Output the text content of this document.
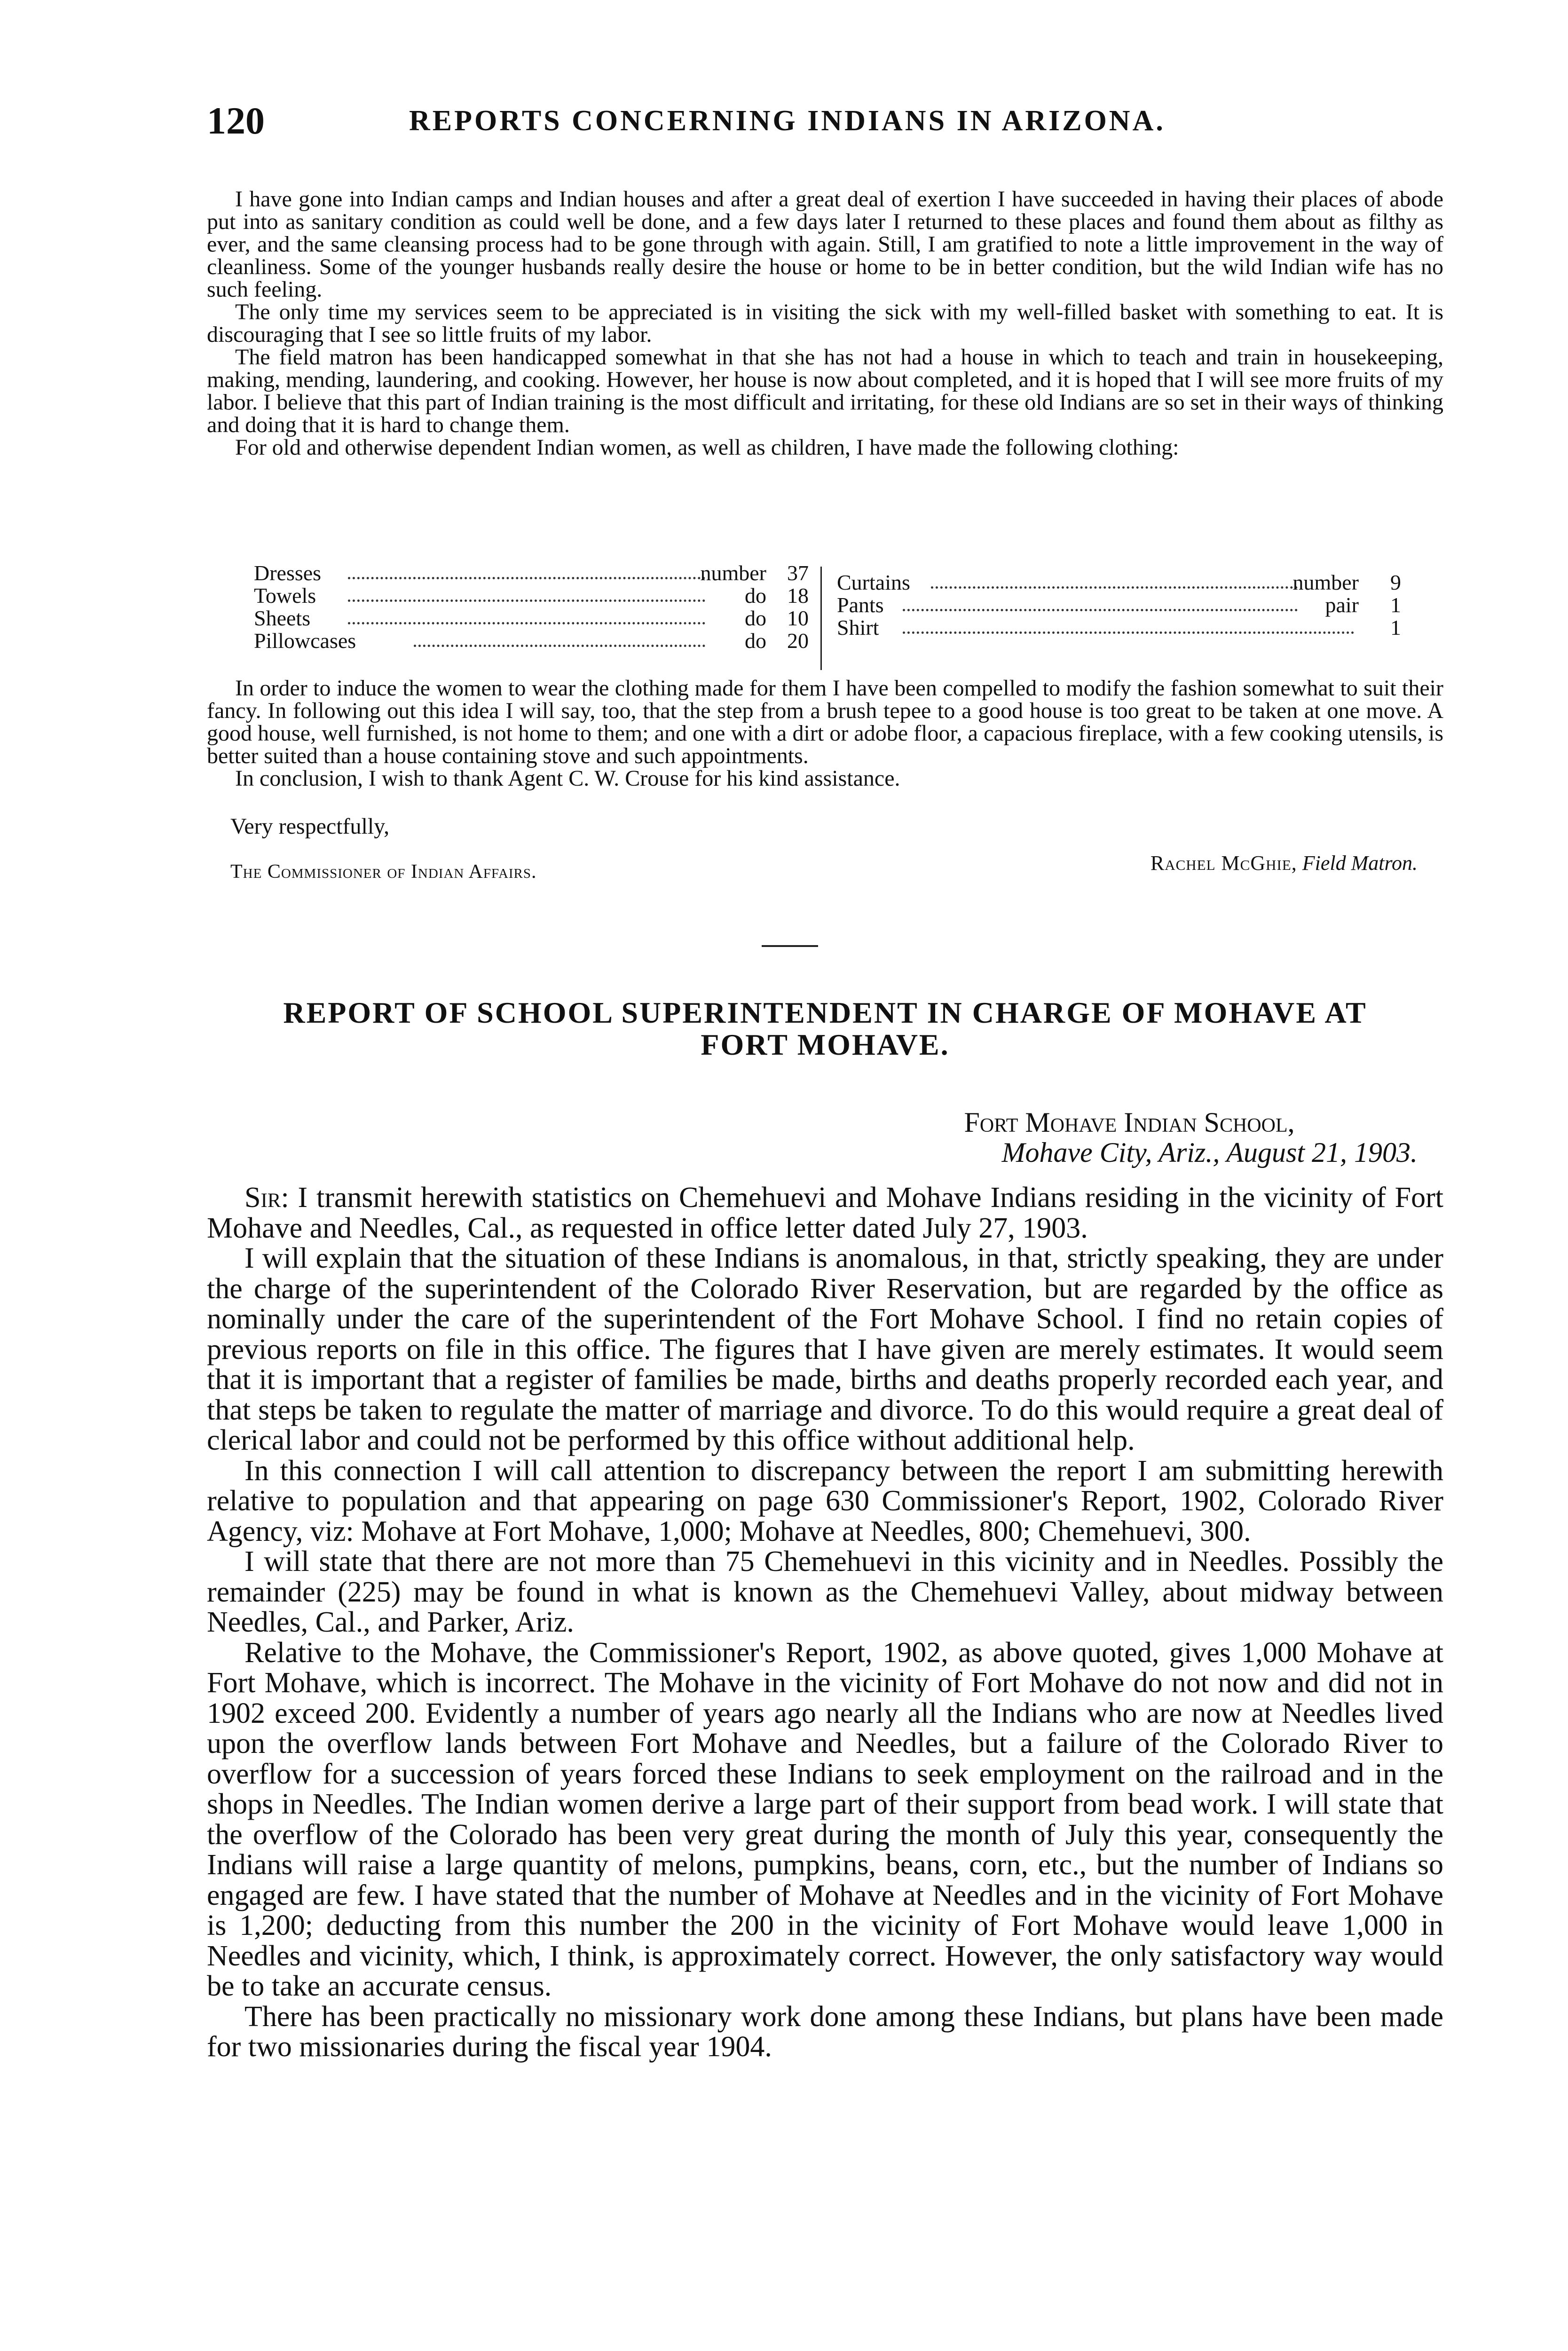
120	REPORTS CONCERNING INDIANS IN ARIZONA.

I have gone into Indian camps and Indian houses and after a great deal of exertion I have succeeded in having their places of abode put into as sanitary condition as could well be done, and a few days later I returned to these places and found them about as filthy as ever, and the same cleansing process had to be gone through with again. Still, I am gratified to note a little improvement in the way of cleanliness. Some of the younger husbands really desire the house or home to be in better condition, but the wild Indian wife has no such feeling.

The only time my services seem to be appreciated is in visiting the sick with my well-filled basket with something to eat. It is discouraging that I see so little fruits of my labor.

The field matron has been handicapped somewhat in that she has not had a house in which to teach and train in housekeeping, making, mending, laundering, and cooking. However, her house is now about completed, and it is hoped that I will see more fruits of my labor. I believe that this part of Indian training is the most difficult and irritating, for these old Indians are so set in their ways of thinking and doing that it is hard to change them.

For old and otherwise dependent Indian women, as well as children, I have made the following clothing:

Dresses	number 37
Towels	do 18
Sheets	do 10
Pillowcases	do 20
Curtains	number	9
Pants	pair	1
Shirt	1

In order to induce the women to wear the clothing made for them I have been compelled to modify the fashion somewhat to suit their fancy. In following out this idea I will say, too, that the step from a brush tepee to a good house is too great to be taken at one move. A good house, well furnished, is not home to them; and one with a dirt or adobe floor, a capacious fireplace, with a few cooking utensils, is better suited than a house containing stove and such appointments.

In conclusion, I wish to thank Agent C. W. Crouse for his kind assistance.

Very respectfully,
The Commissioner of Indian Affairs.	Rachel McGhie, Field Matron.
REPORT OF SCHOOL SUPERINTENDENT IN CHARGE OF MOHAVE AT
FORT MOHAVE.
Fort Mohave Indian School,
Mohave City, Ariz., August 21, 1903.

Sir: I transmit herewith statistics on Chemehuevi and Mohave Indians residing in the vicinity of Fort Mohave and Needles, Cal., as requested in office letter dated July 27, 1903.

I will explain that the situation of these Indians is anomalous, in that, strictly speaking, they are under the charge of the superintendent of the Colorado River Reservation, but are regarded by the office as nominally under the care of the superintendent of the Fort Mohave School. I find no retain copies of previous reports on file in this office. The figures that I have given are merely estimates. It would seem that it is important that a register of families be made, births and deaths properly recorded each year, and that steps be taken to regulate the matter of marriage and divorce. To do this would require a great deal of clerical labor and could not be performed by this office without additional help.

In this connection I will call attention to discrepancy between the report I am submitting herewith relative to population and that appearing on page 630 Commissioner's Report, 1902, Colorado River Agency, viz: Mohave at Fort Mohave, 1,000; Mohave at Needles, 800; Chemehuevi, 300.

I will state that there are not more than 75 Chemehuevi in this vicinity and in Needles. Possibly the remainder (225) may be found in what is known as the Chemehuevi Valley, about midway between Needles, Cal., and Parker, Ariz.

Relative to the Mohave, the Commissioner's Report, 1902, as above quoted, gives 1,000 Mohave at Fort Mohave, which is incorrect. The Mohave in the vicinity of Fort Mohave do not now and did not in 1902 exceed 200. Evidently a number of years ago nearly all the Indians who are now at Needles lived upon the overflow lands between Fort Mohave and Needles, but a failure of the Colorado River to overflow for a succession of years forced these Indians to seek employment on the railroad and in the shops in Needles. The Indian women derive a large part of their support from bead work. I will state that the overflow of the Colorado has been very great during the month of July this year, consequently the Indians will raise a large quantity of melons, pumpkins, beans, corn, etc., but the number of Indians so engaged are few. I have stated that the number of Mohave at Needles and in the vicinity of Fort Mohave is 1,200; deducting from this number the 200 in the vicinity of Fort Mohave would leave 1,000 in Needles and vicinity, which, I think, is approximately correct. However, the only satisfactory way would be to take an accurate census.

There has been practically no missionary work done among these Indians, but plans have been made for two missionaries during the fiscal year 1904.
